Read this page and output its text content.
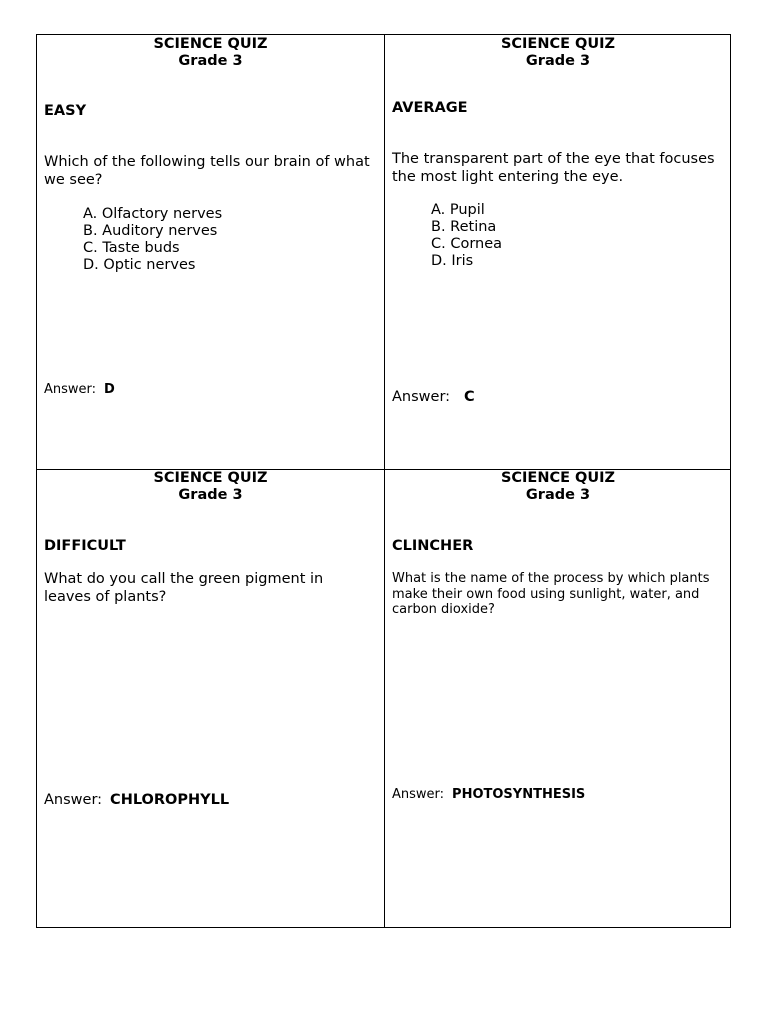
SCIENCE QUIZ

Grade 3

EASY

Which of the following tells our brain of what we see?

A. Olfactory nerves
B. Auditory nerves
C. Taste buds
D. Optic nerves

Answer: D

SCIENCE QUIZ

Grade 3

AVERAGE

The transparent part of the eye that focuses the most light entering the eye.

A. Pupil
B. Retina
C. Cornea
D. Iris

Answer: C

SCIENCE QUIZ

Grade 3

DIFFICULT

What do you call the green pigment in leaves of plants?

Answer: CHLOROPHYLL

SCIENCE QUIZ

Grade 3

CLINCHER

What is the name of the process by which plants make their own food using sunlight, water, and carbon dioxide?

Answer: PHOTOSYNTHESIS
